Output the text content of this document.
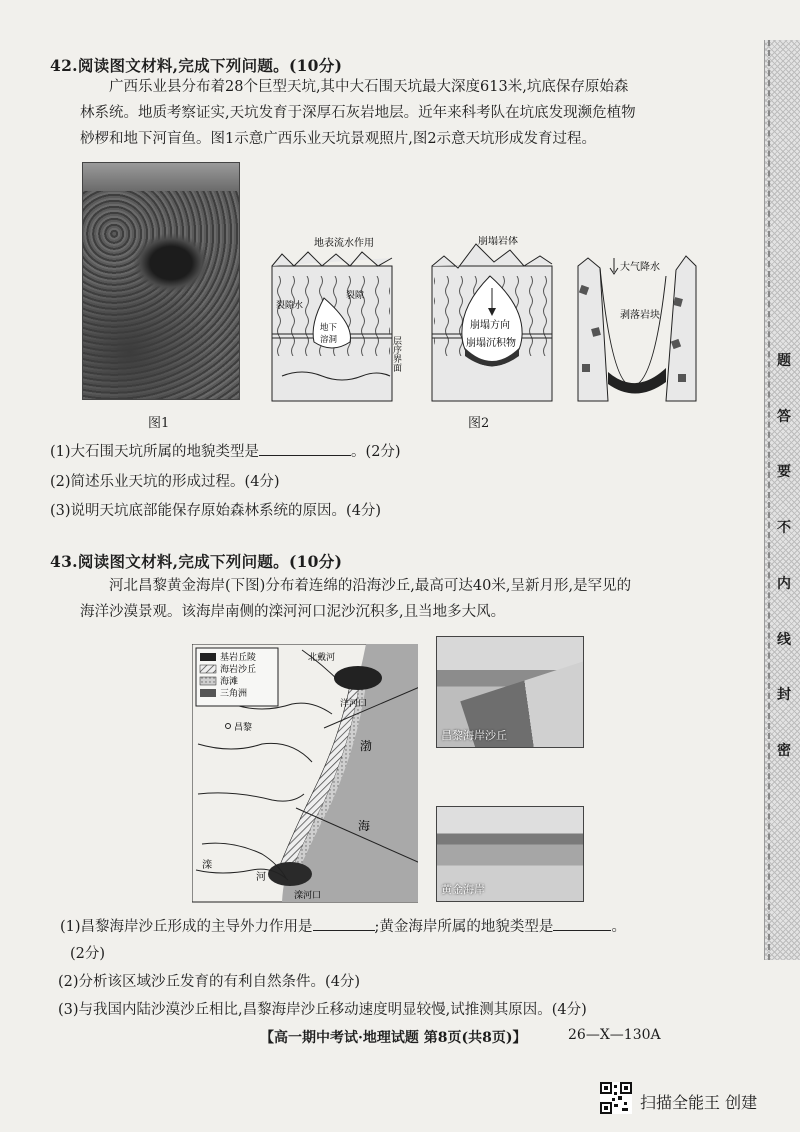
42.阅读图文材料,完成下列问题。(10分)
广西乐业县分布着28个巨型天坑,其中大石围天坑最大深度613米,坑底保存原始森
林系统。地质考察证实,天坑发育于深厚石灰岩地层。近年来科考队在坑底发现濒危植物
桫椤和地下河盲鱼。图1示意广西乐业天坑景观照片,图2示意天坑形成发育过程。
图1
地表流水作用
裂隙水
裂隙
地下
溶洞	层序界面
崩塌岩体
崩塌方向
崩塌沉积物
大气降水
剥落岩块
图2
(1)大石围天坑所属的地貌类型是	。(2分)
(2)简述乐业天坑的形成过程。(4分)
(3)说明天坑底部能保存原始森林系统的原因。(4分)
43.阅读图文材料,完成下列问题。(10分)
河北昌黎黄金海岸(下图)分布着连绵的沿海沙丘,最高可达40米,呈新月形,是罕见的
海洋沙漠景观。该海岸南侧的滦河河口泥沙沉积多,且当地多大风。
基岩丘陵
海岩沙丘
海滩
三角洲
北戴河
洋河口
昌黎
渤
海
滦
河
滦河口
昌黎海岸沙丘
黄金海岸
(1)昌黎海岸沙丘形成的主导外力作用是	;黄金海岸所属的地貌类型是	。
(2分)
(2)分析该区域沙丘发育的有利自然条件。(4分)
(3)与我国内陆沙漠沙丘相比,昌黎海岸沙丘移动速度明显较慢,试推测其原因。(4分)
【高一期中考试·地理试题 第8页(共8页)】	26—X—130A
题
答
要
不
内
线
封
密
扫描全能王 创建
